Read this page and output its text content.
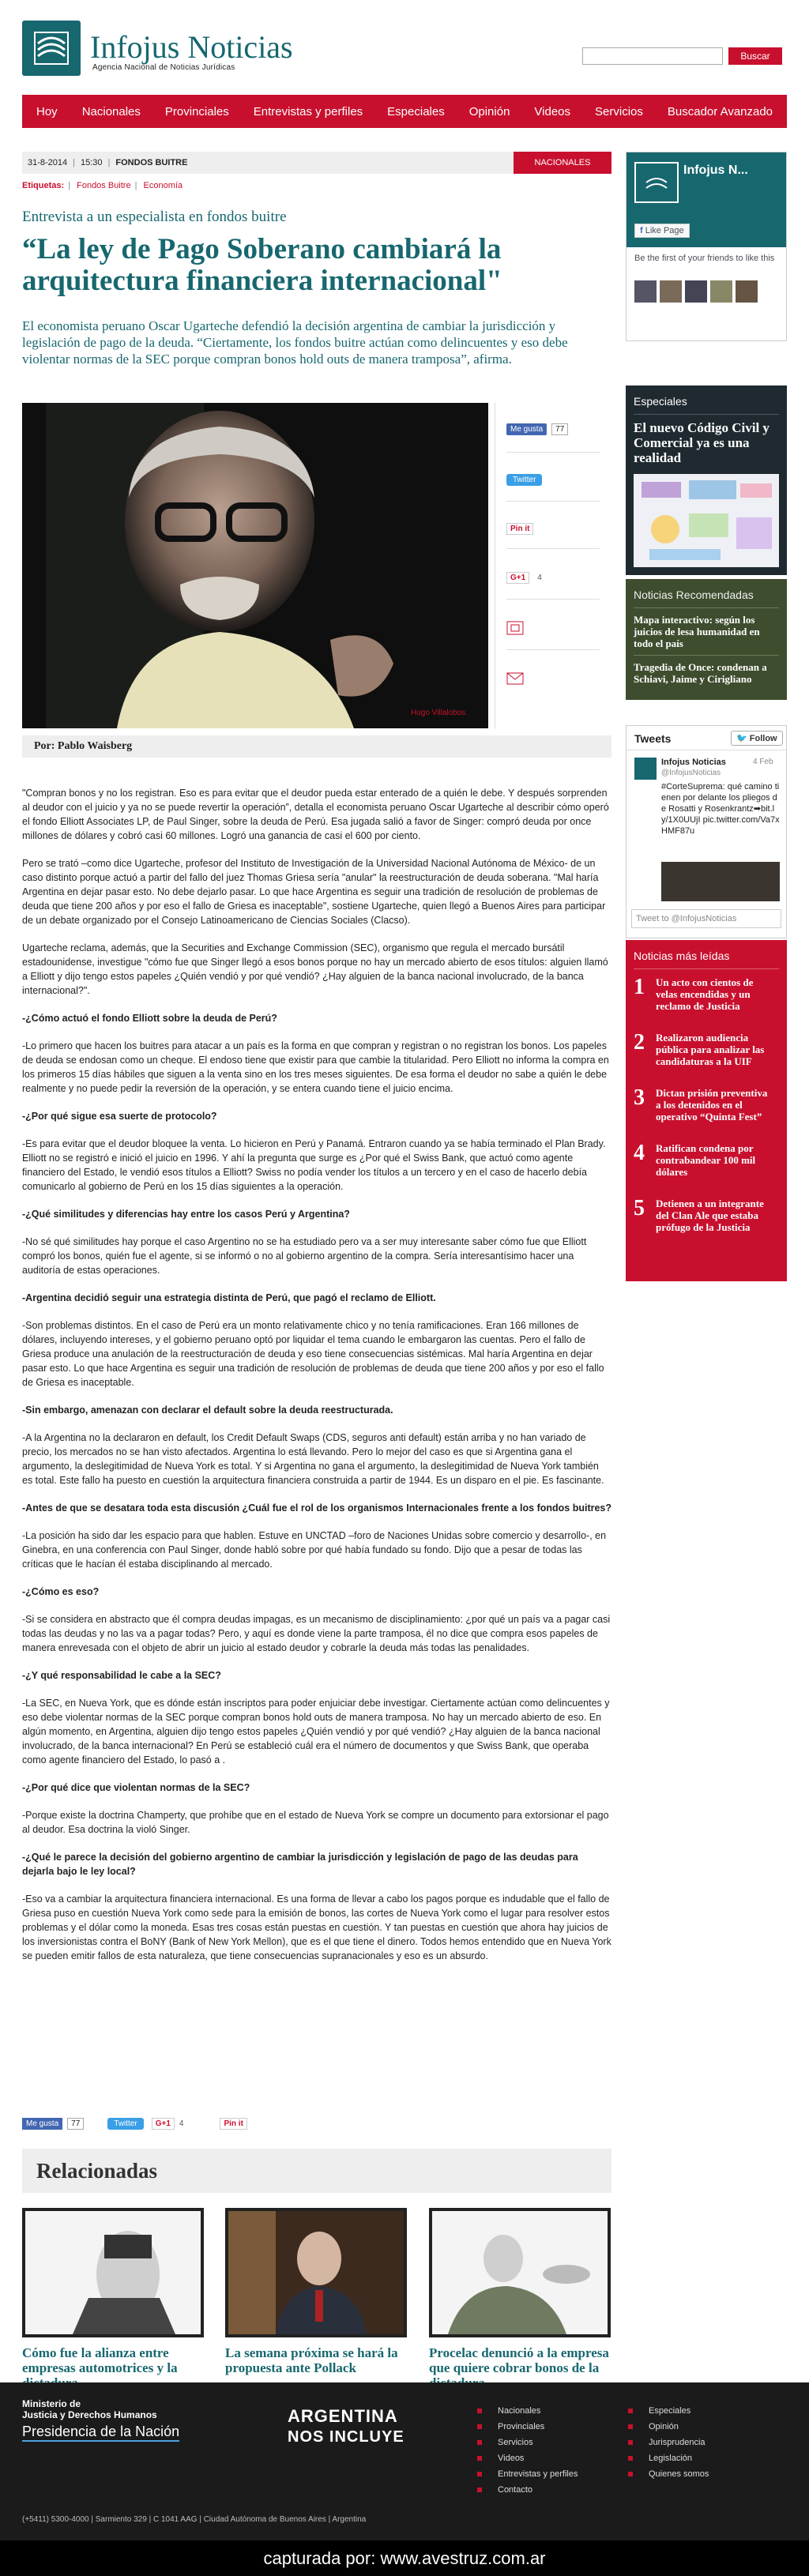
Infojus Noticias
Agencia Nacional de Noticias Jurídicas
Buscar
Hoy Nacionales Provinciales Entrevistas y perfiles Especiales Opinión Videos Servicios Buscador Avanzado
31-8-2014 | 15:30 | FONDOS BUITRE	NACIONALES
Etiquetas: | Fondos Buitre | Economía
Entrevista a un especialista en fondos buitre
“La ley de Pago Soberano cambiará la arquitectura financiera internacional"
El economista peruano Oscar Ugarteche defendió la decisión argentina de cambiar la jurisdicción y legislación de pago de la deuda. “Ciertamente, los fondos buitre actúan como delincuentes y eso debe violentar normas de la SEC porque compran bonos hold outs de manera tramposa”, afirma.
Hugo Villalobos
Me gusta	77
Twitter
Pin it
G+1	4
Por: Pablo Waisberg

"Compran bonos y no los registran. Eso es para evitar que el deudor pueda estar enterado de a quién le debe. Y después sorprenden al deudor con el juicio y ya no se puede revertir la operación”, detalla el economista peruano Oscar Ugarteche al describir cómo operó el fondo Elliott Associates LP, de Paul Singer, sobre la deuda de Perú. Esa jugada salió a favor de Singer: compró deuda por once millones de dólares y cobró casi 60 millones. Logró una ganancia de casi el 600 por ciento.

Pero se trató –como dice Ugarteche, profesor del Instituto de Investigación de la Universidad Nacional Autónoma de México- de un caso distinto porque actuó a partir del fallo del juez Thomas Griesa sería "anular" la reestructuración de deuda soberana. "Mal haría Argentina en dejar pasar esto. No debe dejarlo pasar. Lo que hace Argentina es seguir una tradición de resolución de problemas de deuda que tiene 200 años y por eso el fallo de Griesa es inaceptable", sostiene Ugarteche, quien llegó a Buenos Aires para participar de un debate organizado por el Consejo Latinoamericano de Ciencias Sociales (Clacso).

Ugarteche reclama, además, que la Securities and Exchange Commission (SEC), organismo que regula el mercado bursátil estadounidense, investigue "cómo fue que Singer llegó a esos bonos porque no hay un mercado abierto de esos títulos: alguien llamó a Elliott y dijo tengo estos papeles ¿Quién vendió y por qué vendió? ¿Hay alguien de la banca nacional involucrado, de la banca internacional?".

-¿Cómo actuó el fondo Elliott sobre la deuda de Perú?

-Lo primero que hacen los buitres para atacar a un país es la forma en que compran y registran o no registran los bonos. Los papeles de deuda se endosan como un cheque. El endoso tiene que existir para que cambie la titularidad. Pero Elliott no informa la compra en los primeros 15 días hábiles que siguen a la venta sino en los tres meses siguientes. De esa forma el deudor no sabe a quién le debe realmente y no puede pedir la reversión de la operación, y se entera cuando tiene el juicio encima.

-¿Por qué sigue esa suerte de protocolo?

-Es para evitar que el deudor bloquee la venta. Lo hicieron en Perú y Panamá. Entraron cuando ya se había terminado el Plan Brady. Elliott no se registró e inició el juicio en 1996. Y ahí la pregunta que surge es ¿Por qué el Swiss Bank, que actuó como agente financiero del Estado, le vendió esos títulos a Elliott? Swiss no podía vender los títulos a un tercero y en el caso de hacerlo debía comunicarlo al gobierno de Perú en los 15 días siguientes a la operación.

-¿Qué similitudes y diferencias hay entre los casos Perú y Argentina?

-No sé qué similitudes hay porque el caso Argentino no se ha estudiado pero va a ser muy interesante saber cómo fue que Elliott compró los bonos, quién fue el agente, si se informó o no al gobierno argentino de la compra. Sería interesantísimo hacer una auditoría de estas operaciones.

-Argentina decidió seguir una estrategia distinta de Perú, que pagó el reclamo de Elliott.

-Son problemas distintos. En el caso de Perú era un monto relativamente chico y no tenía ramificaciones. Eran 166 millones de dólares, incluyendo intereses, y el gobierno peruano optó por liquidar el tema cuando le embargaron las cuentas. Pero el fallo de Griesa produce una anulación de la reestructuración de deuda y eso tiene consecuencias sistémicas. Mal haría Argentina en dejar pasar esto. Lo que hace Argentina es seguir una tradición de resolución de problemas de deuda que tiene 200 años y por eso el fallo de Griesa es inaceptable.

-Sin embargo, amenazan con declarar el default sobre la deuda reestructurada.

-A la Argentina no la declararon en default, los Credit Default Swaps (CDS, seguros anti default) están arriba y no han variado de precio, los mercados no se han visto afectados. Argentina lo está llevando. Pero lo mejor del caso es que si Argentina gana el argumento, la deslegitimidad de Nueva York es total. Y si Argentina no gana el argumento, la deslegitimidad de Nueva York también es total. Este fallo ha puesto en cuestión la arquitectura financiera construida a partir de 1944. Es un disparo en el pie. Es fascinante.

-Antes de que se desatara toda esta discusión ¿Cuál fue el rol de los organismos Internacionales frente a los fondos buitres?

-La posición ha sido dar les espacio para que hablen. Estuve en UNCTAD –foro de Naciones Unidas sobre comercio y desarrollo-, en Ginebra, en una conferencia con Paul Singer, donde habló sobre por qué había fundado su fondo. Dijo que a pesar de todas las críticas que le hacían él estaba disciplinando al mercado.

-¿Cómo es eso?

-Si se considera en abstracto que él compra deudas impagas, es un mecanismo de disciplinamiento: ¿por qué un país va a pagar casi todas las deudas y no las va a pagar todas? Pero, y aquí es donde viene la parte tramposa, él no dice que compra esos papeles de manera enrevesada con el objeto de abrir un juicio al estado deudor y cobrarle la deuda más todas las penalidades.

-¿Y qué responsabilidad le cabe a la SEC?

-La SEC, en Nueva York, que es dónde están inscriptos para poder enjuiciar debe investigar. Ciertamente actúan como delincuentes y eso debe violentar normas de la SEC porque compran bonos hold outs de manera tramposa. No hay un mercado abierto de eso. En algún momento, en Argentina, alguien dijo tengo estos papeles ¿Quién vendió y por qué vendió? ¿Hay alguien de la banca nacional involucrado, de la banca internacional? En Perú se estableció cuál era el número de documentos y que Swiss Bank, que operaba como agente financiero del Estado, lo pasó a .

-¿Por qué dice que violentan normas de la SEC?

-Porque existe la doctrina Champerty, que prohíbe que en el estado de Nueva York se compre un documento para extorsionar el pago al deudor. Esa doctrina la violó Singer.

-¿Qué le parece la decisión del gobierno argentino de cambiar la jurisdicción y legislación de pago de las deudas para dejarla bajo le ley local?

-Eso va a cambiar la arquitectura financiera internacional. Es una forma de llevar a cabo los pagos porque es indudable que el fallo de Griesa puso en cuestión Nueva York como sede para la emisión de bonos, las cortes de Nueva York como el lugar para resolver estos problemas y el dólar como la moneda. Esas tres cosas están puestas en cuestión. Y tan puestas en cuestión que ahora hay juicios de los inversionistas contra el BoNY (Bank of New York Mellon), que es el que tiene el dinero. Todos hemos entendido que en Nueva York se pueden emitir fallos de esta naturaleza, que tiene consecuencias supranacionales y eso es un absurdo.

Me gusta	77	Twitter	G+1	4	Pin it
Relacionadas
Cómo fue la alianza entre empresas automotrices y la
La semana próxima se hará la propuesta ante Pollack
Procelac denunció a la empresa que quiere cobrar bonos de la
Infojus N...
f Like Page
Be the first of your friends to like this
Especiales
El nuevo Código Civil y Comercial ya es una realidad
Noticias Recomendadas
Mapa interactivo: según los juicios de lesa humanidad en todo el país
Tragedia de Once: condenan a Schiavi, Jaime y Cirigliano
Tweets	🐦 Follow
Infojus Noticias	4 Feb
@InfojusNoticias
#CorteSuprema: qué camino tienen por delante los pliegos de Rosatti y Rosenkrantz➡bit.ly/1X0UUjI pic.twitter.com/Va7xHMF87u
Tweet to @InfojusNoticias
Noticias más leídas
1	Un acto con cientos de velas encendidas y un reclamo de Justicia
2	Realizaron audiencia pública para analizar las candidaturas a la UIF
3	Dictan prisión preventiva a los detenidos en el operativo “Quinta Fest”
4	Ratifican condena por contrabandear 100 mil dólares
5	Detienen a un integrante del Clan Ale que estaba prófugo de la Justicia
Ministerio de
Justicia y Derechos Humanos
Presidencia de la Nación
ARGENTINA
NOS INCLUYE
(+5411) 5300-4000 | Sarmiento 329 | C 1041 AAG | Ciudad Autónoma de Buenos Aires | Argentina
Nacionales
Provinciales
Servicios
Videos
Entrevistas y perfiles
Contacto
Especiales
Opinión
Jurisprudencia
Legislación
Quienes somos
capturada por: www.avestruz.com.ar
